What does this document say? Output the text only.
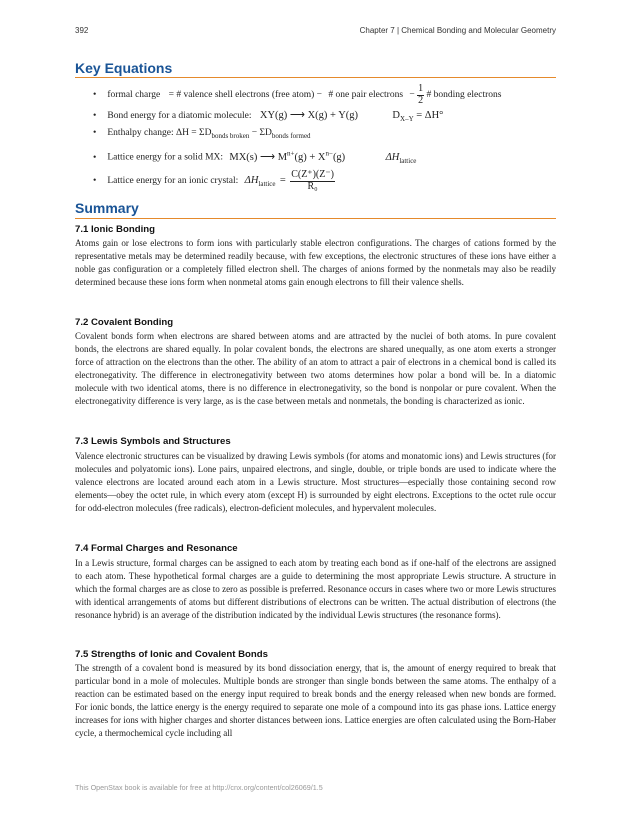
392	Chapter 7 | Chemical Bonding and Molecular Geometry
Key Equations
• formal charge = # valence shell electrons (free atom) − # one pair electrons − $\frac{1}{2}$ # bonding electrons
• Bond energy for a diatomic molecule: XY(g) ⟶ X(g) + Y(g)	$D_{X-Y} = \Delta H^\circ$
• Enthalpy change: $\Delta H = \Sigma D_{bonds broken} - \Sigma D_{bonds formed}$
• Lattice energy for a solid MX: MX(s) ⟶ $M^{n+}(g) + X^{n-}(g)$	$\Delta H_{lattice}$
• Lattice energy for an ionic crystal: $\Delta H_{lattice} = \frac{C(Z^+)(Z^-)}{\text{R₀}}$
Summary
7.1 Ionic Bonding

Atoms gain or lose electrons to form ions with particularly stable electron configurations. The charges of cations formed by the representative metals may be determined readily because, with few exceptions, the electronic structures of these ions have either a noble gas configuration or a completely filled electron shell. The charges of anions formed by the nonmetals may also be readily determined because these ions form when nonmetal atoms gain enough electrons to fill their valence shells.

7.2 Covalent Bonding

Covalent bonds form when electrons are shared between atoms and are attracted by the nuclei of both atoms. In pure covalent bonds, the electrons are shared equally. In polar covalent bonds, the electrons are shared unequally, as one atom exerts a stronger force of attraction on the electrons than the other. The ability of an atom to attract a pair of electrons in a chemical bond is called its electronegativity. The difference in electronegativity between two atoms determines how polar a bond will be. In a diatomic molecule with two identical atoms, there is no difference in electronegativity, so the bond is nonpolar or pure covalent. When the electronegativity difference is very large, as is the case between metals and nonmetals, the bonding is characterized as ionic.

7.3 Lewis Symbols and Structures

Valence electronic structures can be visualized by drawing Lewis symbols (for atoms and monatomic ions) and Lewis structures (for molecules and polyatomic ions). Lone pairs, unpaired electrons, and single, double, or triple bonds are used to indicate where the valence electrons are located around each atom in a Lewis structure. Most structures—especially those containing second row elements—obey the octet rule, in which every atom (except H) is surrounded by eight electrons. Exceptions to the octet rule occur for odd-electron molecules (free radicals), electron-deficient molecules, and hypervalent molecules.

7.4 Formal Charges and Resonance

In a Lewis structure, formal charges can be assigned to each atom by treating each bond as if one-half of the electrons are assigned to each atom. These hypothetical formal charges are a guide to determining the most appropriate Lewis structure. A structure in which the formal charges are as close to zero as possible is preferred. Resonance occurs in cases where two or more Lewis structures with identical arrangements of atoms but different distributions of electrons can be written. The actual distribution of electrons (the resonance hybrid) is an average of the distribution indicated by the individual Lewis structures (the resonance forms).

7.5 Strengths of Ionic and Covalent Bonds

The strength of a covalent bond is measured by its bond dissociation energy, that is, the amount of energy required to break that particular bond in a mole of molecules. Multiple bonds are stronger than single bonds between the same atoms. The enthalpy of a reaction can be estimated based on the energy input required to break bonds and the energy released when new bonds are formed. For ionic bonds, the lattice energy is the energy required to separate one mole of a compound into its gas phase ions. Lattice energy increases for ions with higher charges and shorter distances between ions. Lattice energies are often calculated using the Born-Haber cycle, a thermochemical cycle including all

This OpenStax book is available for free at http://cnx.org/content/col26069/1.5
